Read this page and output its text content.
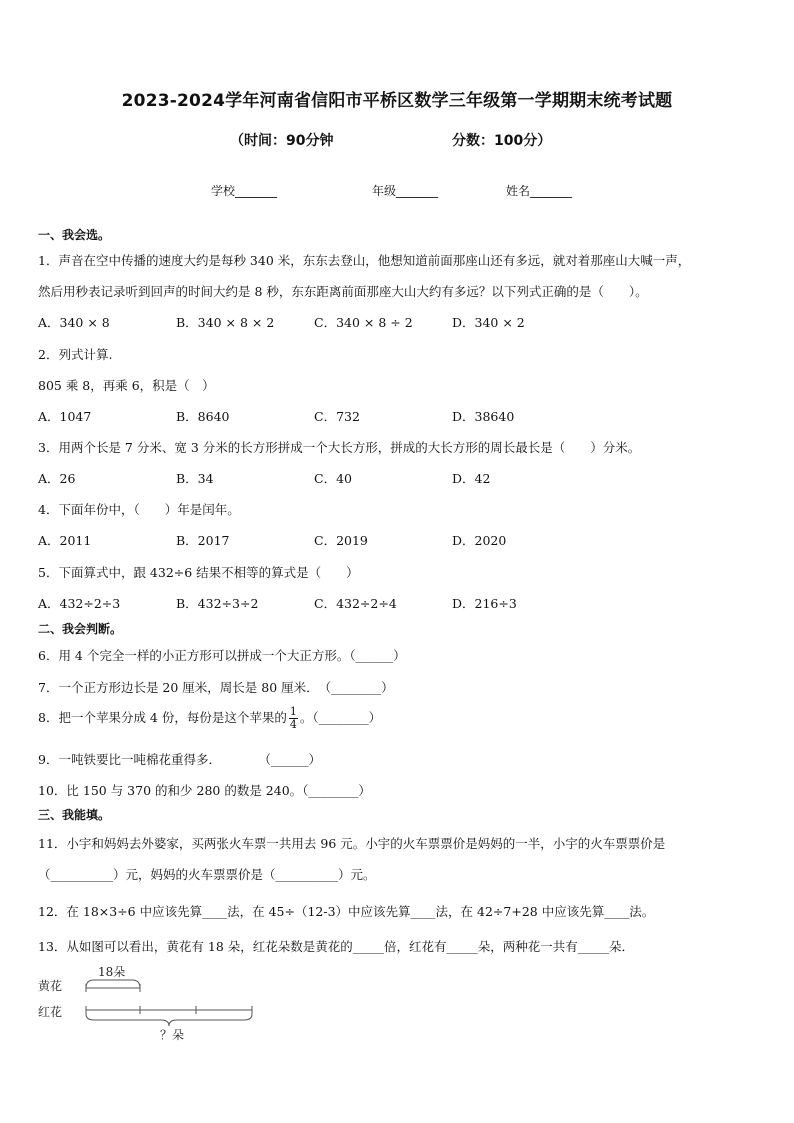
2023-2024学年河南省信阳市平桥区数学三年级第一学期期末统考试题
（时间：90分钟	分数：100分）
学校_______	年级_______	姓名_______
一、我会选。
1．声音在空中传播的速度大约是每秒 340 米，东东去登山，他想知道前面那座山还有多远，就对着那座山大喊一声，
然后用秒表记录听到回声的时间大约是 8 秒，东东距离前面那座大山大约有多远？以下列式正确的是（　　）。
A．340 × 8	B．340 × 8 × 2	C．340 × 8 ÷ 2	D．340 × 2
2．列式计算.
805 乘 8，再乘 6，积是（　）
A．1047	B．8640	C．732	D．38640
3．用两个长是 7 分米、宽 3 分米的长方形拼成一个大长方形，拼成的大长方形的周长最长是（　　）分米。
A．26	B．34	C．40	D．42
4．下面年份中，（　　）年是闰年。
A．2011	B．2017	C．2019	D．2020
5．下面算式中，跟 432÷6 结果不相等的算式是（　　）
A．432÷2÷3	B．432÷3÷2	C．432÷2÷4	D．216÷3
二、我会判断。
6．用 4 个完全一样的小正方形可以拼成一个大正方形。（______）
7．一个正方形边长是 20 厘米，周长是 80 厘米．　（________）
8．把一个苹果分成 4 份，每份是这个苹果的 $\frac{1}{4}$ 。（________）
9．一吨铁要比一吨棉花重得多．　　　　（______）
10．比 150 与 370 的和少 280 的数是 240。（________）
三、我能填。
11．小宇和妈妈去外婆家，买两张火车票一共用去 96 元。小宇的火车票票价是妈妈的一半，小宇的火车票票价是
（__________）元，妈妈的火车票票价是（__________）元。
12．在 18×3÷6 中应该先算____法，在 45÷（12-3）中应该先算____法，在 42÷7+28 中应该先算____法。
13．从如图可以看出，黄花有 18 朵，红花朵数是黄花的_____倍，红花有_____朵，两种花一共有_____朵．
黄花
红花
18朵
？朵
